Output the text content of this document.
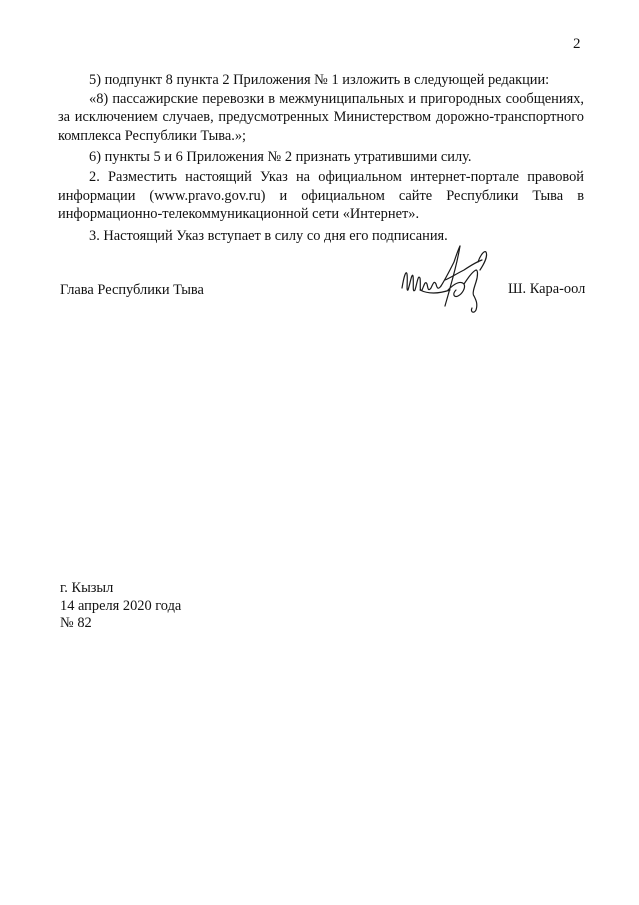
2

5) подпункт 8 пункта 2 Приложения № 1 изложить в следующей редакции:

«8) пассажирские перевозки в межмуниципальных и пригородных сообщениях, за исключением случаев, предусмотренных Министерством дорожно-транспортного комплекса Республики Тыва.»;

6) пункты 5 и 6 Приложения № 2 признать утратившими силу.

2. Разместить настоящий Указ на официальном интернет-портале правовой информации (www.pravo.gov.ru) и официальном сайте Республики Тыва в информационно-телекоммуникационной сети «Интернет».

3. Настоящий Указ вступает в силу со дня его подписания.

Глава Республики Тыва	Ш. Кара-оол
г. Кызыл
14 апреля 2020 года
№ 82
